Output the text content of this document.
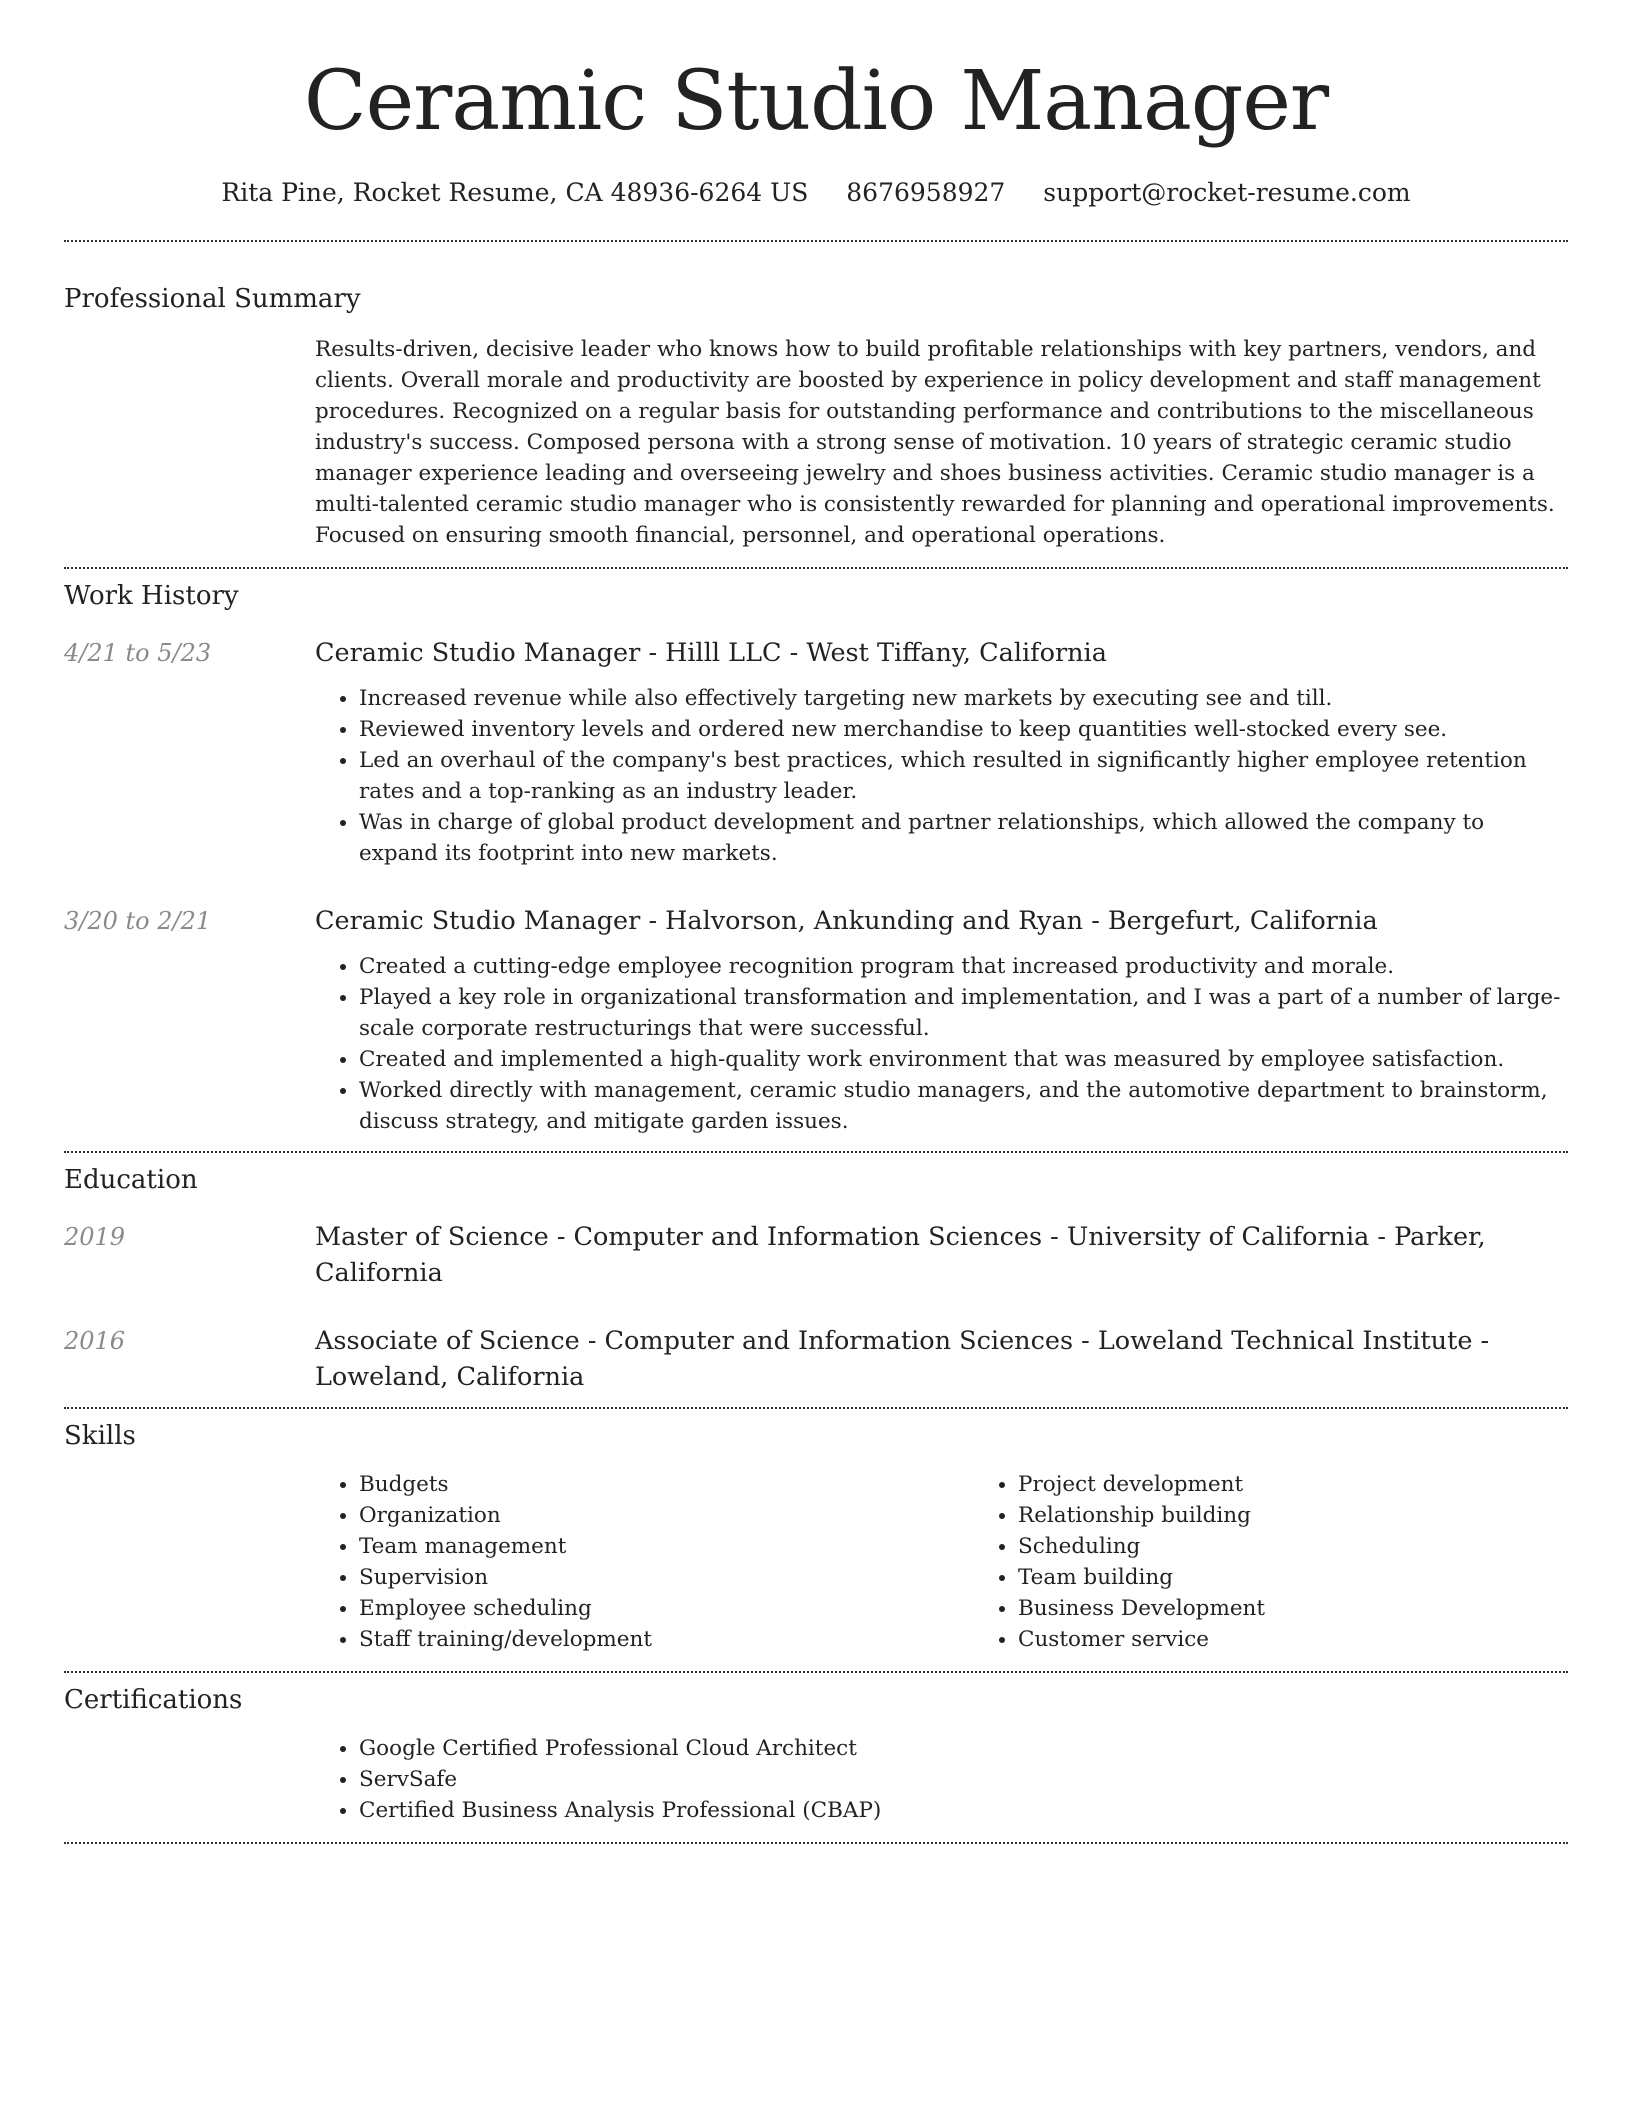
Ceramic Studio Manager
Rita Pine, Rocket Resume, CA 48936-6264 US 8676958927 support@rocket-resume.com
Professional Summary

Results-driven, decisive leader who knows how to build profitable relationships with key partners, vendors, and clients. Overall morale and productivity are boosted by experience in policy development and staff management procedures. Recognized on a regular basis for outstanding performance and contributions to the miscellaneous industry's success. Composed persona with a strong sense of motivation. 10 years of strategic ceramic studio manager experience leading and overseeing jewelry and shoes business activities. Ceramic studio manager is a multi-talented ceramic studio manager who is consistently rewarded for planning and operational improvements. Focused on ensuring smooth financial, personnel, and operational operations.

Work History
4/21 to 5/23	Ceramic Studio Manager - Hilll LLC - West Tiffany, California
• Increased revenue while also effectively targeting new markets by executing see and till.
• Reviewed inventory levels and ordered new merchandise to keep quantities well-stocked every see.
• Led an overhaul of the company's best practices, which resulted in significantly higher employee retention rates and a top-ranking as an industry leader.
• Was in charge of global product development and partner relationships, which allowed the company to expand its footprint into new markets.
3/20 to 2/21	Ceramic Studio Manager - Halvorson, Ankunding and Ryan - Bergefurt, California
• Created a cutting-edge employee recognition program that increased productivity and morale.
• Played a key role in organizational transformation and implementation, and I was a part of a number of large-scale corporate restructurings that were successful.
• Created and implemented a high-quality work environment that was measured by employee satisfaction.
• Worked directly with management, ceramic studio managers, and the automotive department to brainstorm, discuss strategy, and mitigate garden issues.
Education
2019	Master of Science - Computer and Information Sciences - University of California - Parker, California
2016	Associate of Science - Computer and Information Sciences - Loweland Technical Institute - Loweland, California
Skills
• Budgets
• Organization
• Team management
• Supervision
• Employee scheduling
• Staff training/development
• Project development
• Relationship building
• Scheduling
• Team building
• Business Development
• Customer service
Certifications
• Google Certified Professional Cloud Architect
• ServSafe
• Certified Business Analysis Professional (CBAP)
